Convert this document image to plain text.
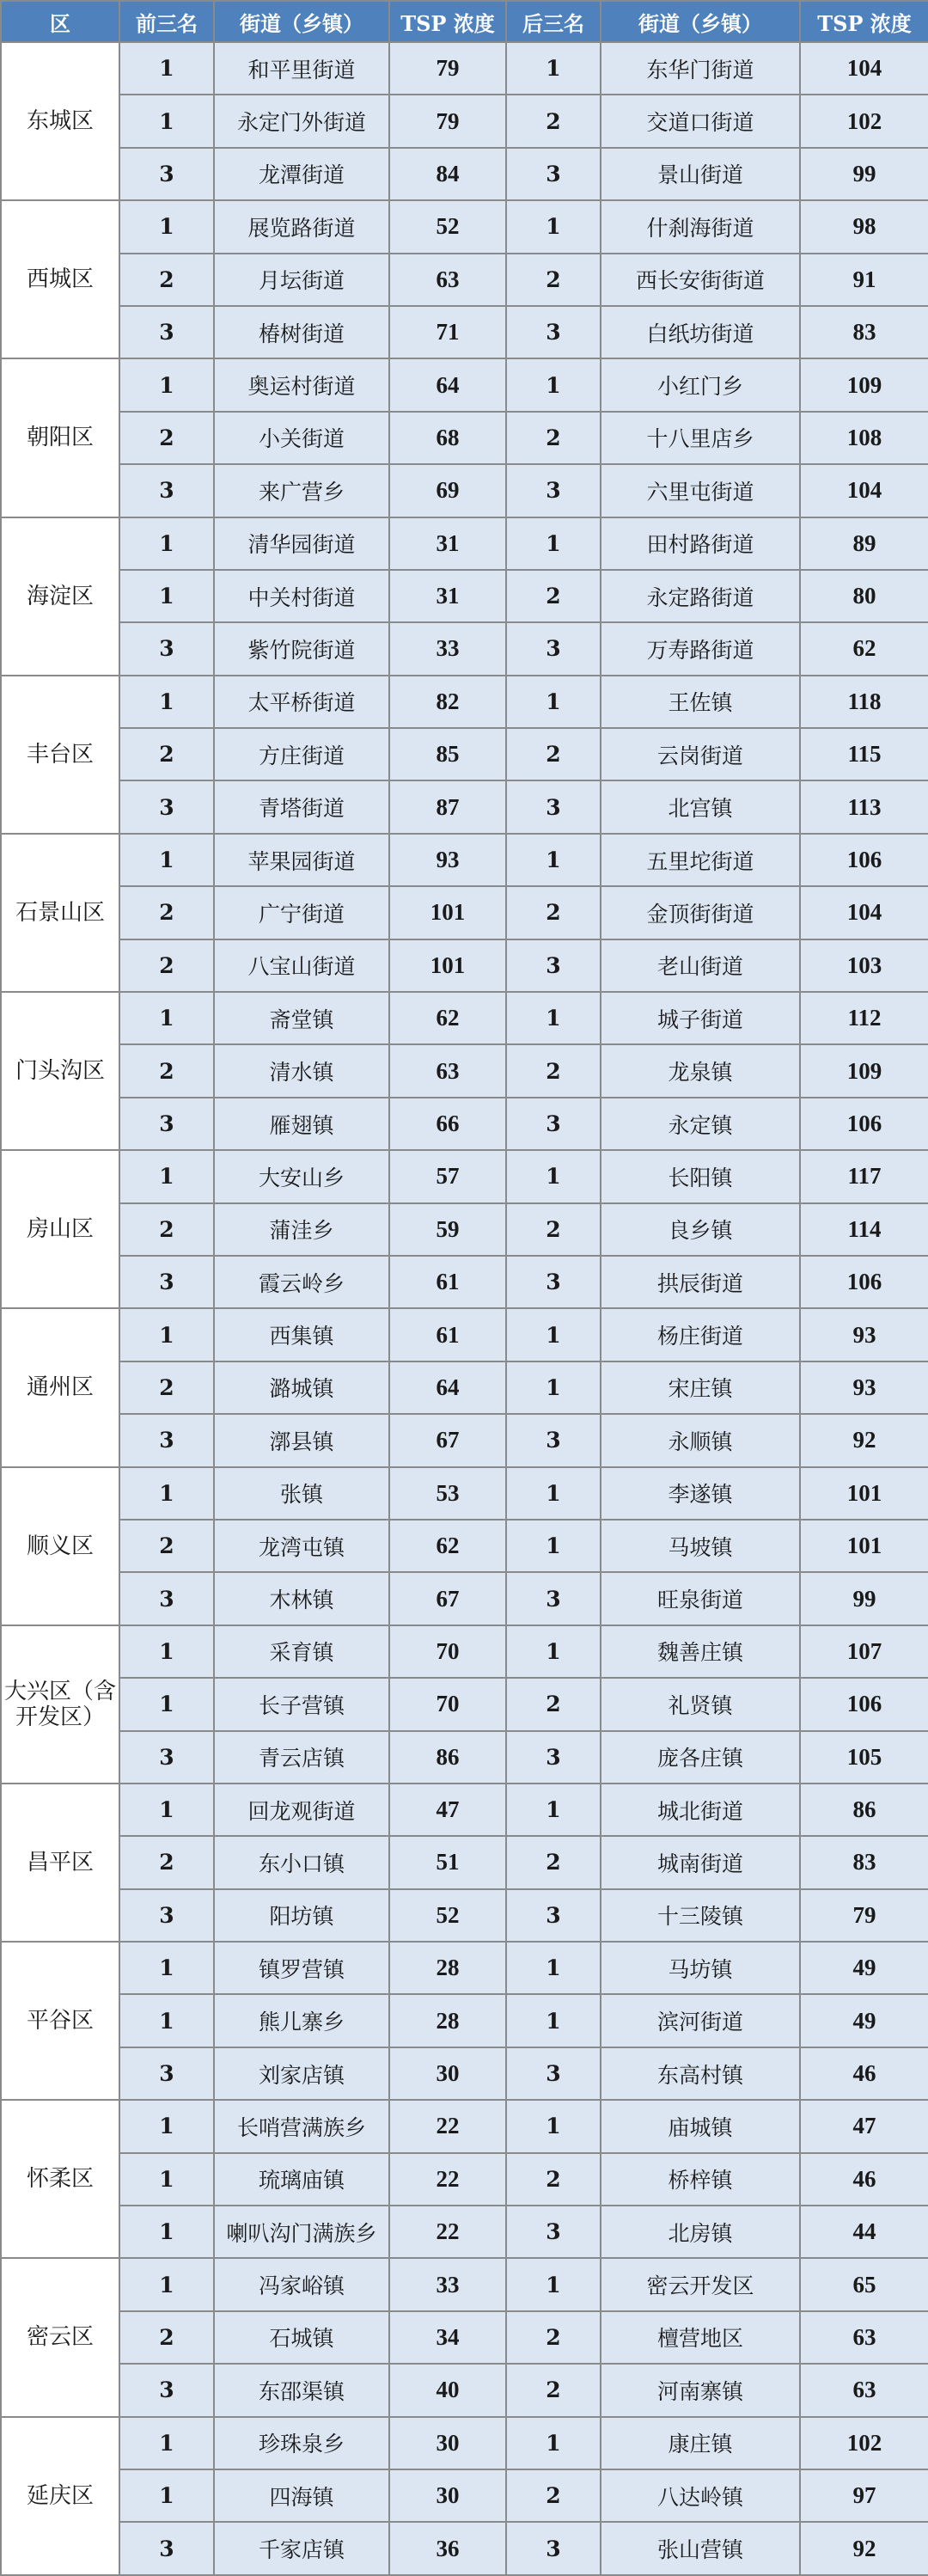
区	前三名	街道（乡镇）	TSP 浓度	后三名	街道（乡镇）	TSP 浓度
东城区	1	和平里街道	79	1	东华门街道	104
	1	永定门外街道	79	2	交道口街道	102
	3	龙潭街道	84	3	景山街道	99
西城区	1	展览路街道	52	1	什刹海街道	98
	2	月坛街道	63	2	西长安街街道	91
	3	椿树街道	71	3	白纸坊街道	83
朝阳区	1	奥运村街道	64	1	小红门乡	109
	2	小关街道	68	2	十八里店乡	108
	3	来广营乡	69	3	六里屯街道	104
海淀区	1	清华园街道	31	1	田村路街道	89
	1	中关村街道	31	2	永定路街道	80
	3	紫竹院街道	33	3	万寿路街道	62
丰台区	1	太平桥街道	82	1	王佐镇	118
	2	方庄街道	85	2	云岗街道	115
	3	青塔街道	87	3	北宫镇	113
石景山区	1	苹果园街道	93	1	五里坨街道	106
	2	广宁街道	101	2	金顶街街道	104
	2	八宝山街道	101	3	老山街道	103
门头沟区	1	斋堂镇	62	1	城子街道	112
	2	清水镇	63	2	龙泉镇	109
	3	雁翅镇	66	3	永定镇	106
房山区	1	大安山乡	57	1	长阳镇	117
	2	蒲洼乡	59	2	良乡镇	114
	3	霞云岭乡	61	3	拱辰街道	106
通州区	1	西集镇	61	1	杨庄街道	93
	2	潞城镇	64	1	宋庄镇	93
	3	漷县镇	67	3	永顺镇	92
顺义区	1	张镇	53	1	李遂镇	101
	2	龙湾屯镇	62	1	马坡镇	101
	3	木林镇	67	3	旺泉街道	99
大兴区（含开发区）	1	采育镇	70	1	魏善庄镇	107
	1	长子营镇	70	2	礼贤镇	106
	3	青云店镇	86	3	庞各庄镇	105
昌平区	1	回龙观街道	47	1	城北街道	86
	2	东小口镇	51	2	城南街道	83
	3	阳坊镇	52	3	十三陵镇	79
平谷区	1	镇罗营镇	28	1	马坊镇	49
	1	熊儿寨乡	28	1	滨河街道	49
	3	刘家店镇	30	3	东高村镇	46
怀柔区	1	长哨营满族乡	22	1	庙城镇	47
	1	琉璃庙镇	22	2	桥梓镇	46
	1	喇叭沟门满族乡	22	3	北房镇	44
密云区	1	冯家峪镇	33	1	密云开发区	65
	2	石城镇	34	2	檀营地区	63
	3	东邵渠镇	40	2	河南寨镇	63
延庆区	1	珍珠泉乡	30	1	康庄镇	102
	1	四海镇	30	2	八达岭镇	97
	3	千家店镇	36	3	张山营镇	92
